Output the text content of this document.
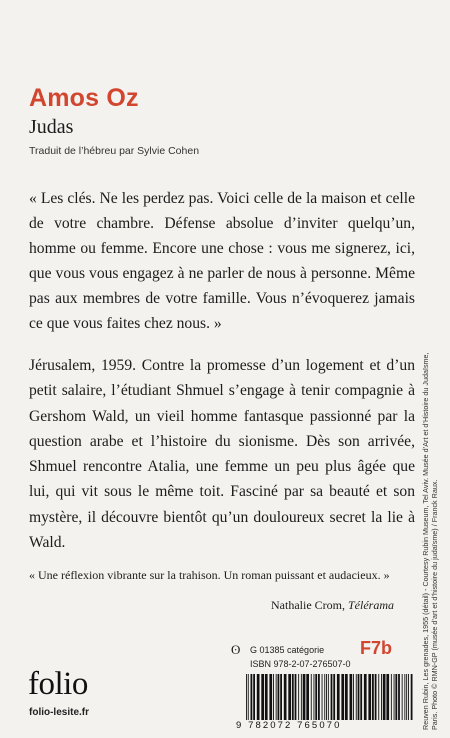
Amos Oz
Judas
Traduit de l’hébreu par Sylvie Cohen
« Les clés. Ne les perdez pas. Voici celle de la maison et celle de votre chambre. Défense absolue d’inviter quelqu’un, homme ou femme. Encore une chose : vous me signerez, ici, que vous vous engagez à ne parler de nous à personne. Même pas aux membres de votre famille. Vous n’évoquerez jamais ce que vous faites chez nous. »
Jérusalem, 1959. Contre la promesse d’un logement et d’un petit salaire, l’étudiant Shmuel s’engage à tenir compagnie à Gershom Wald, un vieil homme fantasque passionné par la question arabe et l’histoire du sionisme. Dès son arrivée, Shmuel rencontre Atalia, une femme un peu plus âgée que lui, qui vit sous le même toit. Fasciné par sa beauté et son mystère, il découvre bientôt qu’un douloureux secret la lie à Wald.
« Une réflexion vibrante sur la trahison. Un roman puissant et audacieux. »
Nathalie Crom, Télérama	Reuven Rubin, Les grenades, 1955 (détail) - Courtesy Rubin Museum, Tel Aviv. Musée d’Art et d’Histoire du Judaïsme, Paris. Photo © RMN-GP (musée d’art et d’histoire du judaïsme) / Franck Raux.
folio
folio-lesite.fr
ʘ G 01385 catégorie F7b
ISBN 978-2-07-276507-0
9 782072 765070
